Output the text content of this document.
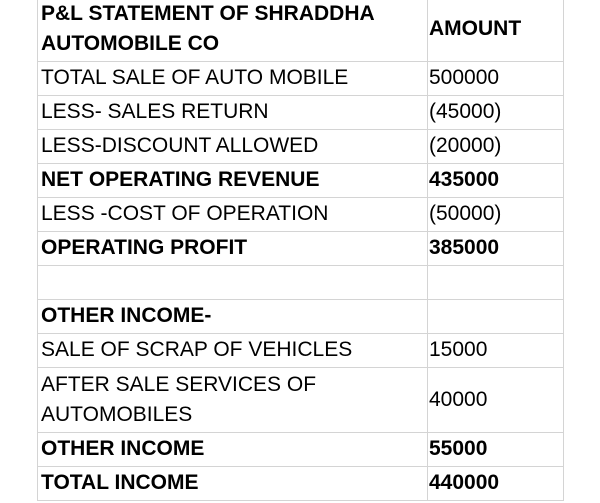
P&L STATEMENT OF SHRADDHA AUTOMOBILE CO	AMOUNT
TOTAL SALE OF AUTO MOBILE	500000
LESS- SALES RETURN	(45000)
LESS-DISCOUNT ALLOWED	(20000)
NET OPERATING REVENUE	435000
LESS -COST OF OPERATION	(50000)
OPERATING PROFIT	385000

OTHER INCOME-	
SALE OF SCRAP OF VEHICLES	15000
AFTER SALE SERVICES OF AUTOMOBILES	40000
OTHER INCOME	55000
TOTAL INCOME	440000
